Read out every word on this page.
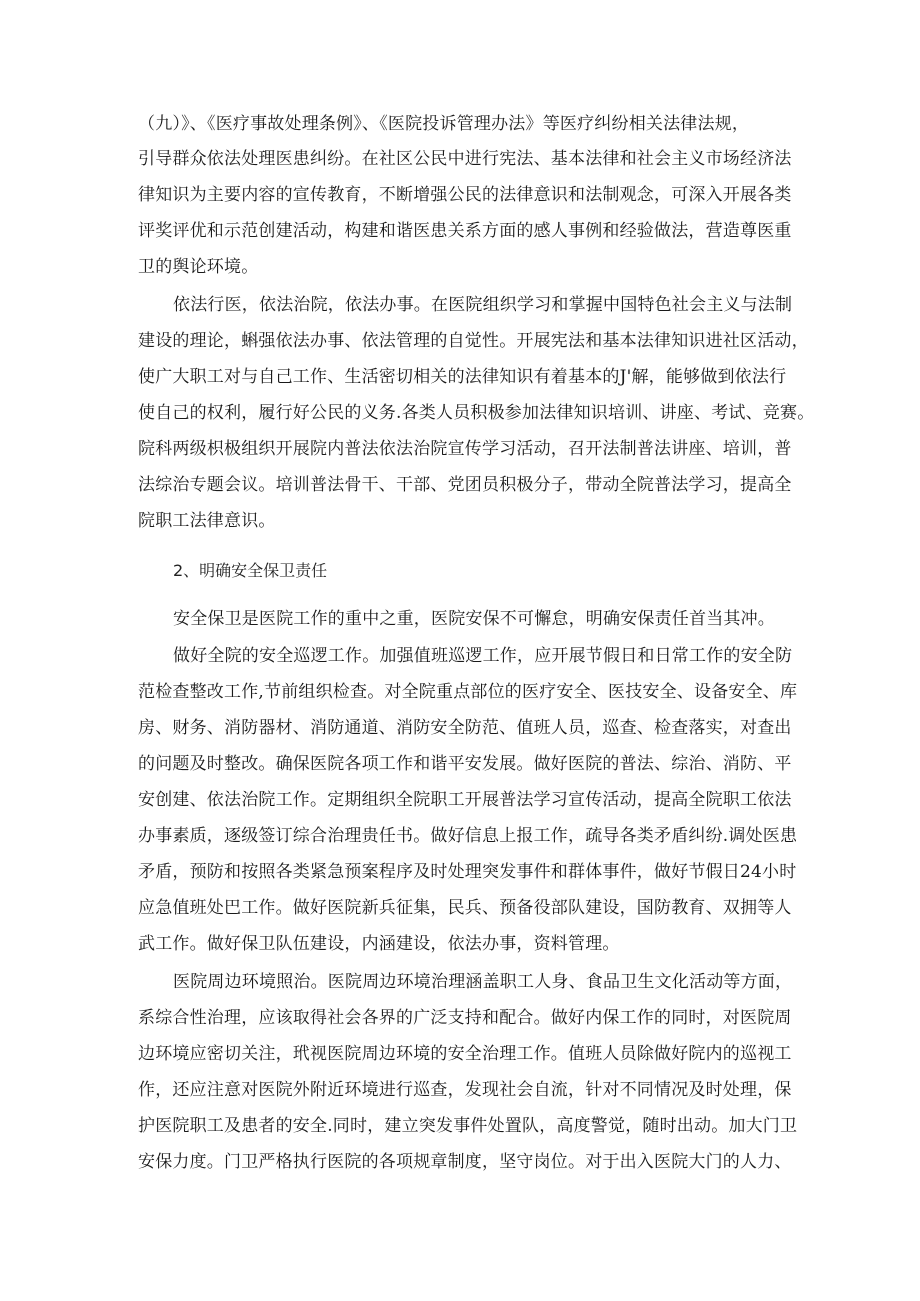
（九）》、《医疗事故处理条例》、《医院投诉管理办法》等医疗纠纷相关法律法规，
引导群众依法处理医患纠纷。在社区公民中进行宪法、基本法律和社会主义市场经济法
律知识为主要内容的宣传教育，不断增强公民的法律意识和法制观念，可深入开展各类
评奖评优和示范创建活动，构建和谐医患关系方面的感人事例和经验做法，营造尊医重
卫的舆论环境。
依法行医，依法治院，依法办事。在医院组织学习和掌握中国特色社会主义与法制
建设的理论，蝌强依法办事、依法管理的自觉性。开展宪法和基本法律知识进社区活动，
使广大职工对与自己工作、生活密切相关的法律知识有着基本的J'解，能够做到依法行
使自己的权利，履行好公民的义务.各类人员积极参加法律知识培训、讲座、考试、竞赛。
院科两级枳极组织开展院内普法依法治院宣传学习活动，召开法制普法讲座、培训，普
法综治专题会议。培训普法骨干、干部、党团员积极分子，带动全院普法学习，提高全
院职工法律意识。
2、明确安全保卫责任
安全保卫是医院工作的重中之重，医院安保不可懈怠，明确安保责任首当其冲。
做好全院的安全巡逻工作。加强值班巡逻工作，应开展节假日和日常工作的安全防
范检查整改工作,节前组织检查。对全院重点部位的医疗安全、医技安全、设备安全、库
房、财务、消防器材、消防通道、消防安全防范、值班人员，巡查、检查落实，对查出
的问题及时整改。确保医院各项工作和谐平安发展。做好医院的普法、综治、消防、平
安创建、依法治院工作。定期组织全院职工开展普法学习宣传活动，提高全院职工依法
办事素质，逐级签订综合治理贵任书。做好信息上报工作，疏导各类矛盾纠纷.调处医患
矛盾，预防和按照各类紧急预案程序及时处理突发事件和群体事件，做好节假日24小时
应急值班处巴工作。做好医院新兵征集，民兵、预备役部队建设，国防教育、双拥等人
武工作。做好保卫队伍建设，内涵建设，依法办事，资料管理。
医院周边环境照治。医院周边环境治理涵盖职工人身、食品卫生文化活动等方面，
系综合性治理，应该取得社会各界的广泛支持和配合。做好内保工作的同时，对医院周
边环境应密切关注，玳视医院周边环境的安全治理工作。值班人员除做好院内的巡视工
作，还应注意对医院外附近环境进行巡查，发现社会自流，针对不同情况及时处理，保
护医院职工及患者的安全.同时，建立突发事件处置队，高度警觉，随时出动。加大门卫
安保力度。门卫严格执行医院的各项规章制度，坚守岗位。对于出入医院大门的人力、
